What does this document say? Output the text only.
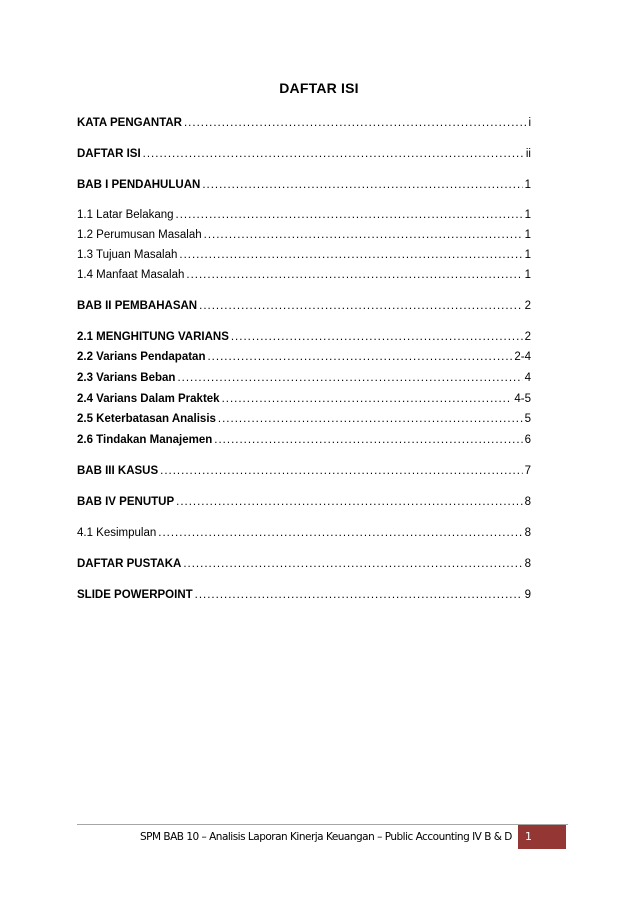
DAFTAR ISI
KATA PENGANTAR .....	i
DAFTAR ISI .....	ii
BAB I PENDAHULUAN .....	1
1.1 Latar Belakang .....	1
1.2 Perumusan Masalah .....	1
1.3 Tujuan Masalah .....	1
1.4 Manfaat Masalah .....	1
BAB II PEMBAHASAN .....	2
2.1 MENGHITUNG VARIANS .....	2
2.2 Varians Pendapatan .....	2-4
2.3 Varians Beban .....	4
2.4 Varians Dalam Praktek .....	4-5
2.5 Keterbatasan Analisis .....	5
2.6 Tindakan Manajemen .....	6
BAB III KASUS .....	7
BAB IV PENUTUP .....	8
4.1 Kesimpulan .....	8
DAFTAR PUSTAKA .....	8
SLIDE POWERPOINT .....	9
SPM BAB 10 – Analisis Laporan Kinerja Keuangan – Public Accounting IV B & D 1
